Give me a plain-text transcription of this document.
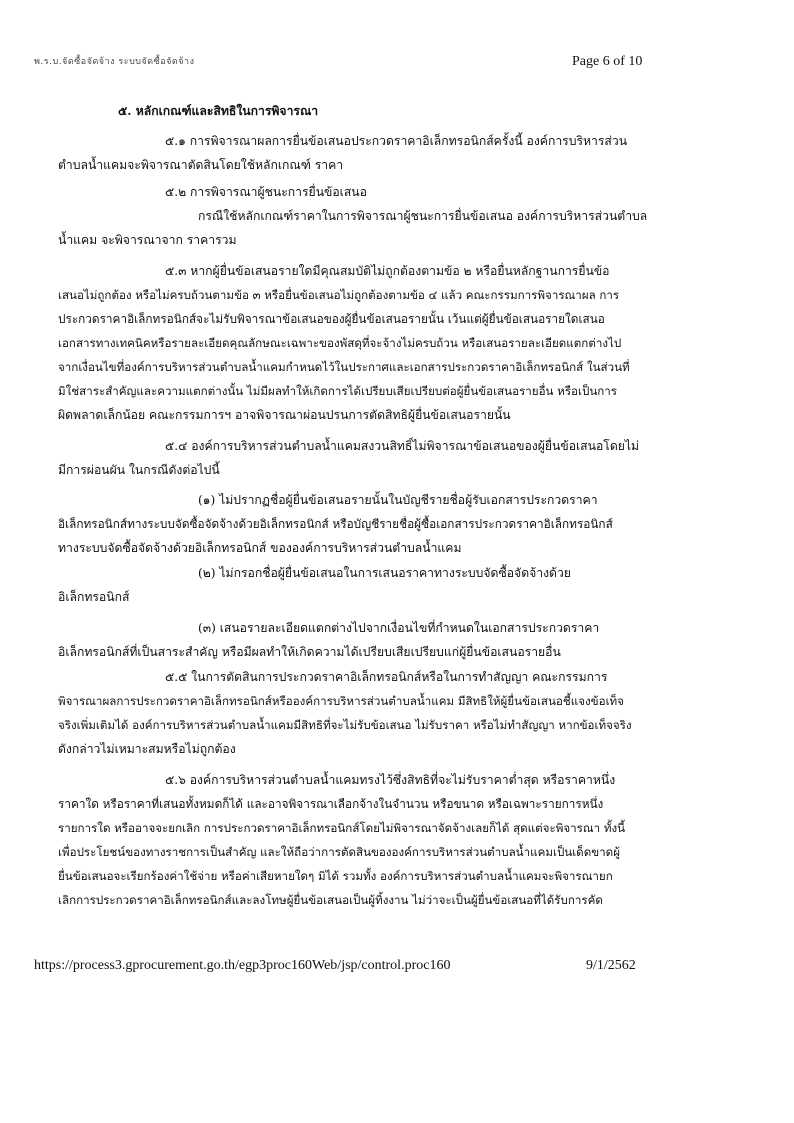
พ.ร.บ.จัดซื้อจัดจ้าง ระบบจัดซื้อจัดจ้าง	Page 6 of 10
๕. หลักเกณฑ์และสิทธิในการพิจารณา
๕.๑ การพิจารณาผลการยื่นข้อเสนอประกวดราคาอิเล็กทรอนิกส์ครั้งนี้ องค์การบริหารส่วน
ตำบลน้ำแคมจะพิจารณาตัดสินโดยใช้หลักเกณฑ์ ราคา
๕.๒ การพิจารณาผู้ชนะการยื่นข้อเสนอ
กรณีใช้หลักเกณฑ์ราคาในการพิจารณาผู้ชนะการยื่นข้อเสนอ องค์การบริหารส่วนตำบล
น้ำแคม จะพิจารณาจาก ราคารวม
๕.๓ หากผู้ยื่นข้อเสนอรายใดมีคุณสมบัติไม่ถูกต้องตามข้อ ๒ หรือยื่นหลักฐานการยื่นข้อ
เสนอไม่ถูกต้อง หรือไม่ครบถ้วนตามข้อ ๓ หรือยื่นข้อเสนอไม่ถูกต้องตามข้อ ๔ แล้ว คณะกรรมการพิจารณาผล การ
ประกวดราคาอิเล็กทรอนิกส์จะไม่รับพิจารณาข้อเสนอของผู้ยื่นข้อเสนอรายนั้น เว้นแต่ผู้ยื่นข้อเสนอรายใดเสนอ
เอกสารทางเทคนิคหรือรายละเอียดคุณลักษณะเฉพาะของพัสดุที่จะจ้างไม่ครบถ้วน หรือเสนอรายละเอียดแตกต่างไป
จากเงื่อนไขที่องค์การบริหารส่วนตำบลน้ำแคมกำหนดไว้ในประกาศและเอกสารประกวดราคาอิเล็กทรอนิกส์ ในส่วนที่
มิใช่สาระสำคัญและความแตกต่างนั้น ไม่มีผลทำให้เกิดการได้เปรียบเสียเปรียบต่อผู้ยื่นข้อเสนอรายอื่น หรือเป็นการ
ผิดพลาดเล็กน้อย คณะกรรมการฯ อาจพิจารณาผ่อนปรนการตัดสิทธิผู้ยื่นข้อเสนอรายนั้น
๕.๔ องค์การบริหารส่วนตำบลน้ำแคมสงวนสิทธิ์ไม่พิจารณาข้อเสนอของผู้ยื่นข้อเสนอโดยไม่
มีการผ่อนผัน ในกรณีดังต่อไปนี้
(๑) ไม่ปรากฏชื่อผู้ยื่นข้อเสนอรายนั้นในบัญชีรายชื่อผู้รับเอกสารประกวดราคา
อิเล็กทรอนิกส์ทางระบบจัดซื้อจัดจ้างด้วยอิเล็กทรอนิกส์ หรือบัญชีรายชื่อผู้ซื้อเอกสารประกวดราคาอิเล็กทรอนิกส์
ทางระบบจัดซื้อจัดจ้างด้วยอิเล็กทรอนิกส์ ขององค์การบริหารส่วนตำบลน้ำแคม
(๒) ไม่กรอกชื่อผู้ยื่นข้อเสนอในการเสนอราคาทางระบบจัดซื้อจัดจ้างด้วย
อิเล็กทรอนิกส์
(๓) เสนอรายละเอียดแตกต่างไปจากเงื่อนไขที่กำหนดในเอกสารประกวดราคา
อิเล็กทรอนิกส์ที่เป็นสาระสำคัญ หรือมีผลทำให้เกิดความได้เปรียบเสียเปรียบแก่ผู้ยื่นข้อเสนอรายอื่น
๕.๕ ในการตัดสินการประกวดราคาอิเล็กทรอนิกส์หรือในการทำสัญญา คณะกรรมการ
พิจารณาผลการประกวดราคาอิเล็กทรอนิกส์หรือองค์การบริหารส่วนตำบลน้ำแคม มีสิทธิให้ผู้ยื่นข้อเสนอชี้แจงข้อเท็จ
จริงเพิ่มเติมได้ องค์การบริหารส่วนตำบลน้ำแคมมีสิทธิที่จะไม่รับข้อเสนอ ไม่รับราคา หรือไม่ทำสัญญา หากข้อเท็จจริง
ดังกล่าวไม่เหมาะสมหรือไม่ถูกต้อง
๕.๖ องค์การบริหารส่วนตำบลน้ำแคมทรงไว้ซึ่งสิทธิที่จะไม่รับราคาต่ำสุด หรือราคาหนึ่ง
ราคาใด หรือราคาที่เสนอทั้งหมดก็ได้ และอาจพิจารณาเลือกจ้างในจำนวน หรือขนาด หรือเฉพาะรายการหนึ่ง
รายการใด หรืออาจจะยกเลิก การประกวดราคาอิเล็กทรอนิกส์โดยไม่พิจารณาจัดจ้างเลยก็ได้ สุดแต่จะพิจารณา ทั้งนี้
เพื่อประโยชน์ของทางราชการเป็นสำคัญ และให้ถือว่าการตัดสินขององค์การบริหารส่วนตำบลน้ำแคมเป็นเด็ดขาดผู้
ยื่นข้อเสนอจะเรียกร้องค่าใช้จ่าย หรือค่าเสียหายใดๆ มิได้ รวมทั้ง องค์การบริหารส่วนตำบลน้ำแคมจะพิจารณายก
เลิกการประกวดราคาอิเล็กทรอนิกส์และลงโทษผู้ยื่นข้อเสนอเป็นผู้ทิ้งงาน ไม่ว่าจะเป็นผู้ยื่นข้อเสนอที่ได้รับการคัด
https://process3.gprocurement.go.th/egp3proc160Web/jsp/control.proc160	9/1/2562
